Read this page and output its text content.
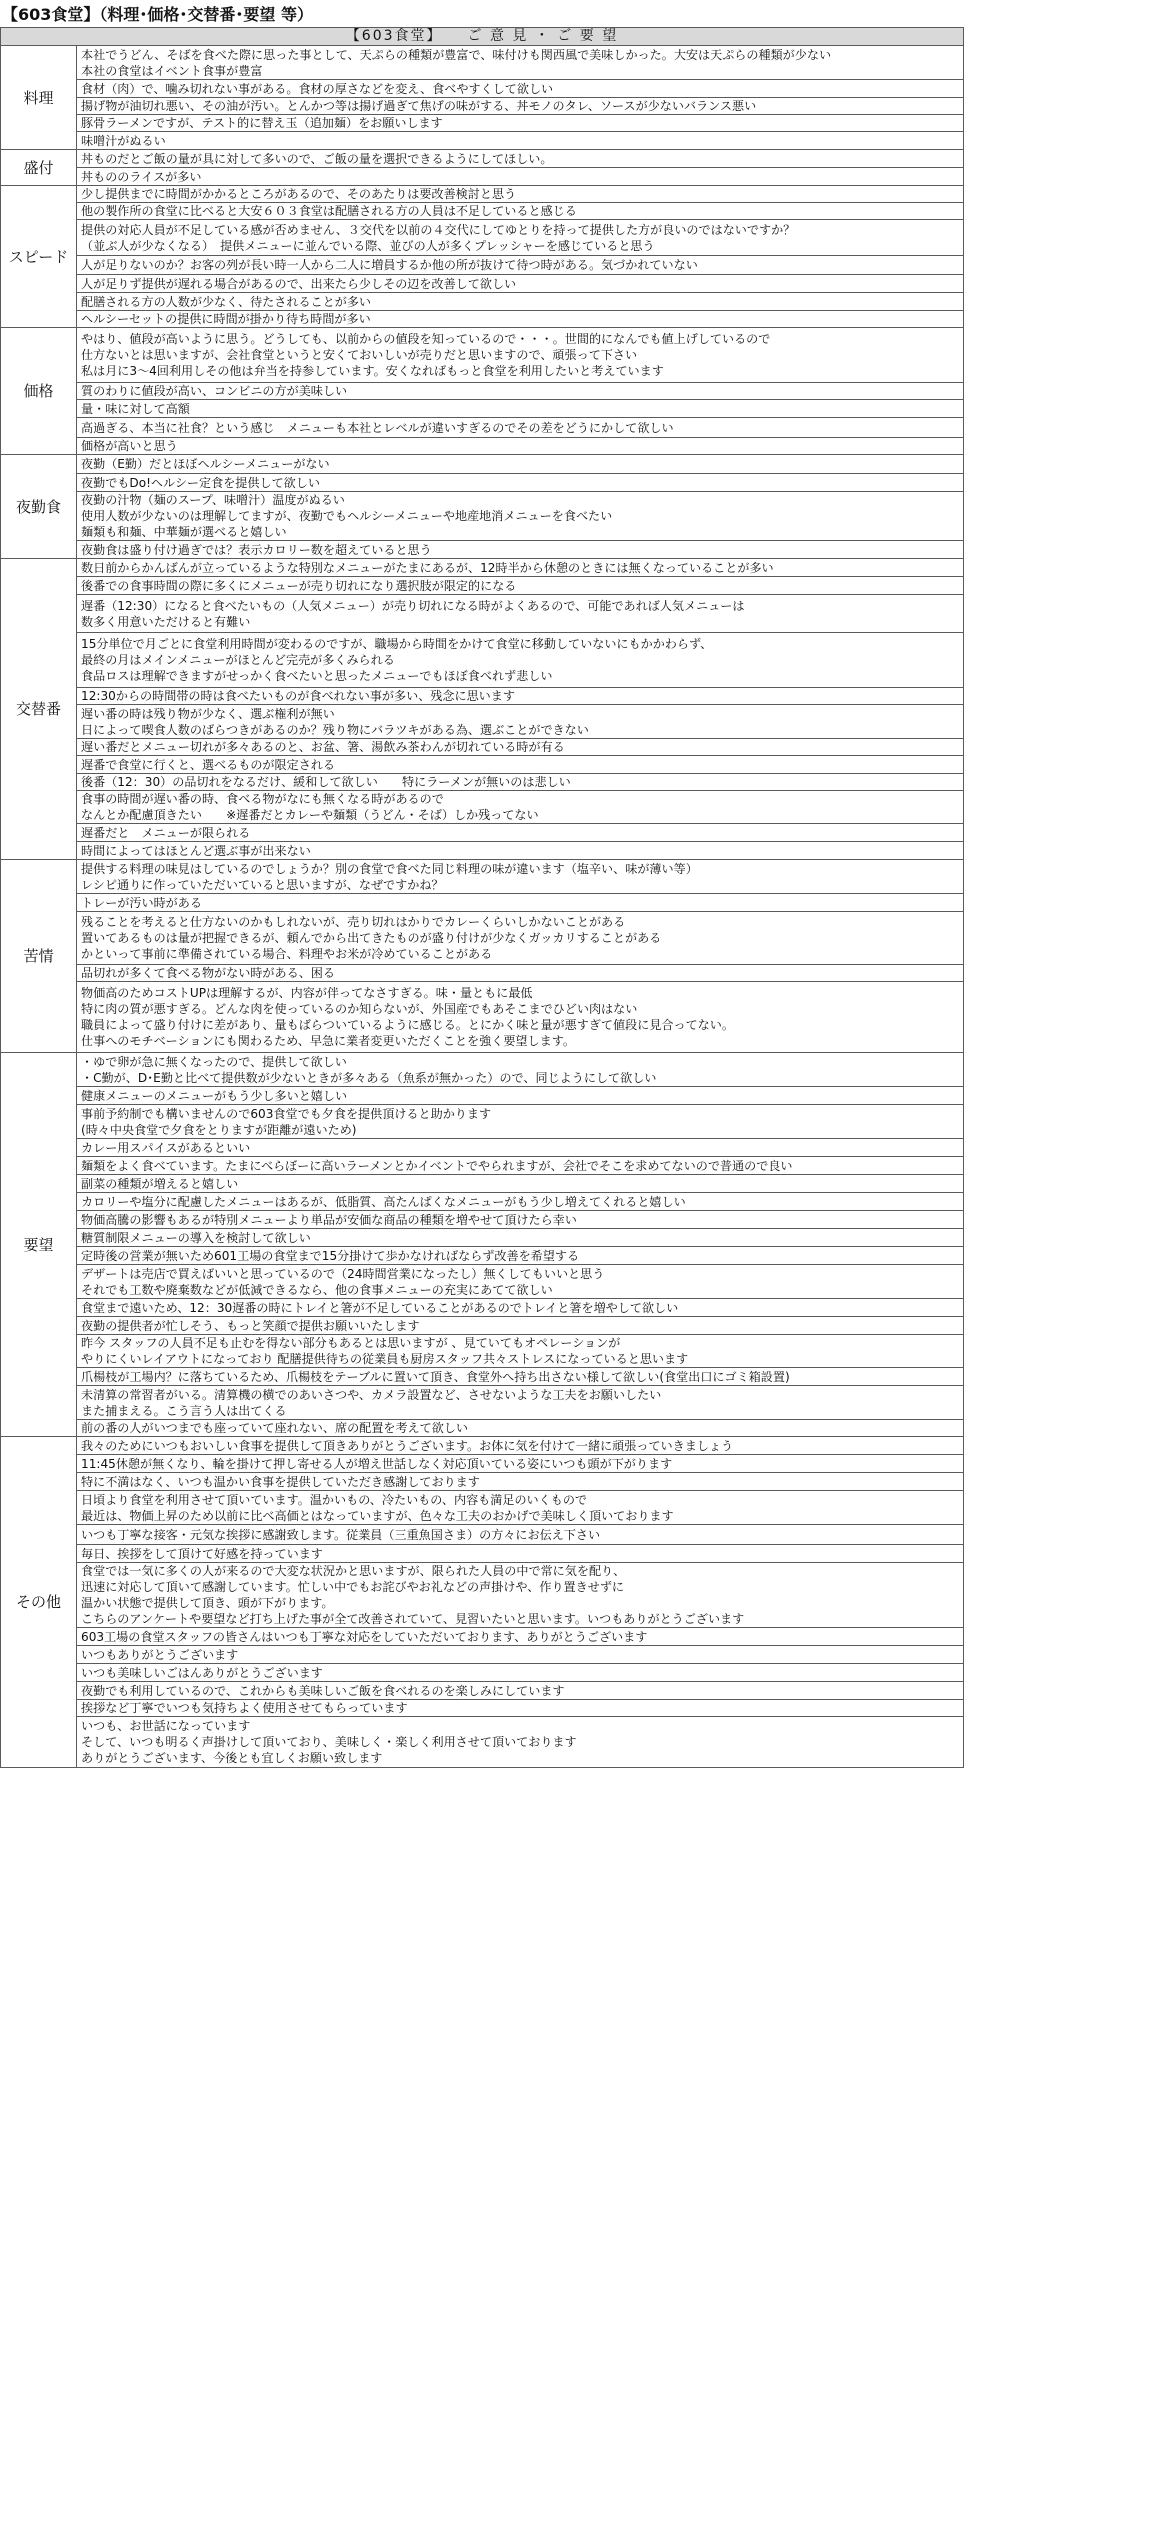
【603食堂】（料理･価格･交替番･要望 等）
【603食堂】　　ご 意 見 ・ ご 要 望	
料理	本社でうどん、そばを食べた際に思った事として、天ぷらの種類が豊富で、味付けも関西風で美味しかった。大安は天ぷらの種類が少ない
本社の食堂はイベント食事が豊富

	食材（肉）で、噛み切れない事がある。食材の厚さなどを変え、食べやすくして欲しい

	揚げ物が油切れ悪い、その油が汚い。とんかつ等は揚げ過ぎて焦げの味がする、丼モノのタレ、ソースが少ないバランス悪い

	豚骨ラーメンですが、テスト的に替え玉（追加麺）をお願いします

	味噌汁がぬるい

盛付	丼ものだとご飯の量が具に対して多いので、ご飯の量を選択できるようにしてほしい。

	丼もののライスが多い

スピード	少し提供までに時間がかかるところがあるので、そのあたりは要改善検討と思う

	他の製作所の食堂に比べると大安６０３食堂は配膳される方の人員は不足していると感じる

	提供の対応人員が不足している感が否めません、３交代を以前の４交代にしてゆとりを持って提供した方が良いのではないですか？
（並ぶ人が少なくなる）　提供メニューに並んでいる際、並びの人が多くプレッシャーを感じていると思う

	人が足りないのか？お客の列が長い時一人から二人に増員するか他の所が抜けて待つ時がある。気づかれていない

	人が足りず提供が遅れる場合があるので、出来たら少しその辺を改善して欲しい

	配膳される方の人数が少なく、待たされることが多い

	ヘルシーセットの提供に時間が掛かり待ち時間が多い

価格	やはり、値段が高いように思う。どうしても、以前からの値段を知っているので・・・。世間的になんでも値上げしているので
仕方ないとは思いますが、会社食堂というと安くておいしいが売りだと思いますので、頑張って下さい
私は月に3～4回利用しその他は弁当を持参しています。安くなればもっと食堂を利用したいと考えています

	質のわりに値段が高い、コンビニの方が美味しい

	量・味に対して高額

	高過ぎる、本当に社食？という感じ　メニューも本社とレベルが違いすぎるのでその差をどうにかして欲しい

	価格が高いと思う

夜勤食	夜勤（E勤）だとほぼヘルシーメニューがない

	夜勤でもDo!ヘルシー定食を提供して欲しい

	夜勤の汁物（麺のスープ、味噌汁）温度がぬるい
使用人数が少ないのは理解してますが、夜勤でもヘルシーメニューや地産地消メニューを食べたい
麺類も和麺、中華麺が選べると嬉しい

	夜勤食は盛り付け過ぎでは？表示カロリー数を超えていると思う

交替番	数日前からかんばんが立っているような特別なメニューがたまにあるが、12時半から休憩のときには無くなっていることが多い

	後番での食事時間の際に多くにメニューが売り切れになり選択肢が限定的になる

	遅番（12:30）になると食べたいもの（人気メニュー）が売り切れになる時がよくあるので、可能であれば人気メニューは
数多く用意いただけると有難い

	15分単位で月ごとに食堂利用時間が変わるのですが、職場から時間をかけて食堂に移動していないにもかかわらず、
最終の月はメインメニューがほとんど完売が多くみられる
食品ロスは理解できますがせっかく食べたいと思ったメニューでもほぼ食べれず悲しい

	12:30からの時間帯の時は食べたいものが食べれない事が多い、残念に思います

	遅い番の時は残り物が少なく、選ぶ権利が無い
日によって喫食人数のばらつきがあるのか？残り物にバラツキがある為、選ぶことができない

	遅い番だとメニュー切れが多々あるのと、お盆、箸、湯飲み茶わんが切れている時が有る

	遅番で食堂に行くと、選べるものが限定される

	後番（12：30）の品切れをなるだけ、緩和して欲しい　　特にラーメンが無いのは悲しい

	食事の時間が遅い番の時、食べる物がなにも無くなる時があるので
なんとか配慮頂きたい　　※遅番だとカレーや麺類（うどん・そば）しか残ってない

	遅番だと　メニューが限られる

	時間によってはほとんど選ぶ事が出来ない

苦情	提供する料理の味見はしているのでしょうか？別の食堂で食べた同じ料理の味が違います（塩辛い、味が薄い等）
レシピ通りに作っていただいていると思いますが、なぜですかね？

	トレーが汚い時がある

	残ることを考えると仕方ないのかもしれないが、売り切れはかりでカレーくらいしかないことがある
置いてあるものは量が把握できるが、頼んでから出てきたものが盛り付けが少なくガッカリすることがある
かといって事前に準備されている場合、料理やお米が冷めていることがある

	品切れが多くて食べる物がない時がある、困る

	物価高のためコストUPは理解するが、内容が伴ってなさすぎる。味・量ともに最低
特に肉の質が悪すぎる。どんな肉を使っているのか知らないが、外国産でもあそこまでひどい肉はない
職員によって盛り付けに差があり、量もばらついているように感じる。とにかく味と量が悪すぎて値段に見合ってない。
仕事へのモチベーションにも関わるため、早急に業者変更いただくことを強く要望します。

要望	・ゆで卵が急に無くなったので、提供して欲しい
・C勤が、D･E勤と比べて提供数が少ないときが多々ある（魚系が無かった）ので、同じようにして欲しい

	健康メニューのメニューがもう少し多いと嬉しい

	事前予約制でも構いませんので603食堂でも夕食を提供頂けると助かります
(時々中央食堂で夕食をとりますが距離が遠いため)

	カレー用スパイスがあるといい

	麺類をよく食べています。たまにべらぼーに高いラーメンとかイベントでやられますが、会社でそこを求めてないので普通ので良い

	副菜の種類が増えると嬉しい

	カロリーや塩分に配慮したメニューはあるが、低脂質、高たんぱくなメニューがもう少し増えてくれると嬉しい

	物価高騰の影響もあるが特別メニューより単品が安価な商品の種類を増やせて頂けたら幸い

	糖質制限メニューの導入を検討して欲しい

	定時後の営業が無いため601工場の食堂まで15分掛けて歩かなければならず改善を希望する

	デザートは売店で買えばいいと思っているので（24時間営業になったし）無くしてもいいと思う
それでも工数や廃棄数などが低減できるなら、他の食事メニューの充実にあてて欲しい

	食堂まで遠いため、12：30遅番の時にトレイと箸が不足していることがあるのでトレイと箸を増やして欲しい

	夜勤の提供者が忙しそう、もっと笑顔で提供お願いいたします

	昨今 スタッフの人員不足も止むを得ない部分もあるとは思いますが 、見ていてもオペレーションが
やりにくいレイアウトになっており 配膳提供待ちの従業員も厨房スタッフ共々ストレスになっていると思います

	爪楊枝が工場内？に落ちているため、爪楊枝をテーブルに置いて頂き、食堂外へ持ち出さない様して欲しい(食堂出口にゴミ箱設置)

	未清算の常習者がいる。清算機の横でのあいさつや、カメラ設置など、させないような工夫をお願いしたい
また捕まえる。こう言う人は出てくる

	前の番の人がいつまでも座っていて座れない、席の配置を考えて欲しい

その他	我々のためにいつもおいしい食事を提供して頂きありがとうございます。お体に気を付けて一緒に頑張っていきましょう

	11:45休憩が無くなり、輪を掛けて押し寄せる人が増え世話しなく対応頂いている姿にいつも頭が下がります

	特に不満はなく、いつも温かい食事を提供していただき感謝しております

	日頃より食堂を利用させて頂いています。温かいもの、冷たいもの、内容も満足のいくもので
最近は、物価上昇のため以前に比べ高価とはなっていますが、色々な工夫のおかげで美味しく頂いております

	いつも丁寧な接客・元気な挨拶に感謝致します。従業員（三重魚国さま）の方々にお伝え下さい

	毎日、挨拶をして頂けて好感を持っています

	食堂では一気に多くの人が来るので大変な状況かと思いますが、限られた人員の中で常に気を配り、
迅速に対応して頂いて感謝しています。忙しい中でもお詫びやお礼などの声掛けや、作り置きせずに
温かい状態で提供して頂き、頭が下がります。
こちらのアンケートや要望など打ち上げた事が全て改善されていて、見習いたいと思います。いつもありがとうございます

	603工場の食堂スタッフの皆さんはいつも丁寧な対応をしていただいております、ありがとうございます

	いつもありがとうございます

	いつも美味しいごはんありがとうございます

	夜勤でも利用しているので、これからも美味しいご飯を食べれるのを楽しみにしています

	挨拶など丁寧でいつも気持ちよく使用させてもらっています

	いつも、お世話になっています
そして、いつも明るく声掛けして頂いており、美味しく・楽しく利用させて頂いております
ありがとうございます、今後とも宜しくお願い致します
